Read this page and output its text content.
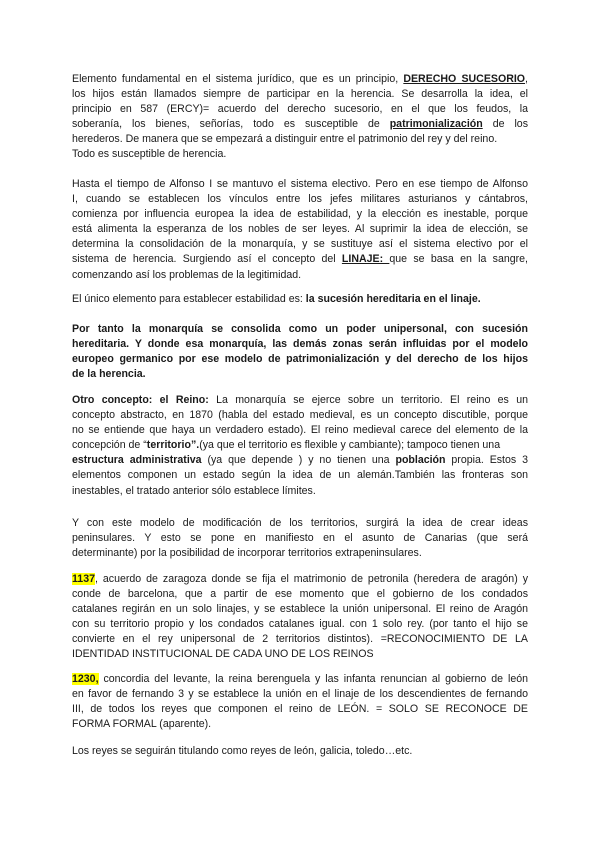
Elemento fundamental en el sistema jurídico, que es un principio, DERECHO SUCESORIO,
los hijos están llamados siempre de participar en la herencia. Se desarrolla la idea, el
principio en 587 (ERCY)= acuerdo del derecho sucesorio, en el que los feudos, la
soberanía, los bienes, señorías, todo es susceptible de patrimonialización de los
herederos. De manera que se empezará a distinguir entre el patrimonio del rey y del reino.
Todo es susceptible de herencia.
Hasta el tiempo de Alfonso I se mantuvo el sistema electivo. Pero en ese tiempo de Alfonso
I, cuando se establecen los vínculos entre los jefes militares asturianos y cántabros,
comienza por influencia europea la idea de estabilidad, y la elección es inestable, porque
está alimenta la esperanza de los nobles de ser leyes. Al suprimir la idea de elección, se
determina la consolidación de la monarquía, y se sustituye así el sistema electivo por el
sistema de herencia. Surgiendo así el concepto del LINAJE: que se basa en la sangre,
comenzando así los problemas de la legitimidad.
El único elemento para establecer estabilidad es: la sucesión hereditaria en el linaje.
Por tanto la monarquía se consolida como un poder unipersonal, con sucesión
hereditaria. Y donde esa monarquía, las demás zonas serán influidas por el modelo
europeo germanico por ese modelo de patrimonialización y del derecho de los hijos
de la herencia.
Otro concepto: el Reino: La monarquía se ejerce sobre un territorio. El reino es un
concepto abstracto, en 1870 (habla del estado medieval, es un concepto discutible, porque
no se entiende que haya un verdadero estado). El reino medieval carece del elemento de la
concepción de “territorio”.(ya que el territorio es flexible y cambiante); tampoco tienen una
estructura administrativa (ya que depende ) y no tienen una población propia. Estos 3
elementos componen un estado según la idea de un alemán.También las fronteras son
inestables, el tratado anterior sólo establece límites.
Y con este modelo de modificación de los territorios, surgirá la idea de crear ideas
peninsulares. Y esto se pone en manifiesto en el asunto de Canarias (que será
determinante) por la posibilidad de incorporar territorios extrapeninsulares.
1137, acuerdo de zaragoza donde se fija el matrimonio de petronila (heredera de aragón) y
conde de barcelona, que a partir de ese momento que el gobierno de los condados
catalanes regirán en un solo linajes, y se establece la unión unipersonal. El reino de Aragón
con su territorio propio y los condados catalanes igual. con 1 solo rey. (por tanto el hijo se
convierte en el rey unipersonal de 2 territorios distintos). =RECONOCIMIENTO DE LA
IDENTIDAD INSTITUCIONAL DE CADA UNO DE LOS REINOS
1230, concordia del levante, la reina berenguela y las infanta renuncian al gobierno de león
en favor de fernando 3 y se establece la unión en el linaje de los descendientes de fernando
III, de todos los reyes que componen el reino de LEÓN. = SOLO SE RECONOCE DE
FORMA FORMAL (aparente).
Los reyes se seguirán titulando como reyes de león, galicia, toledo…etc.
